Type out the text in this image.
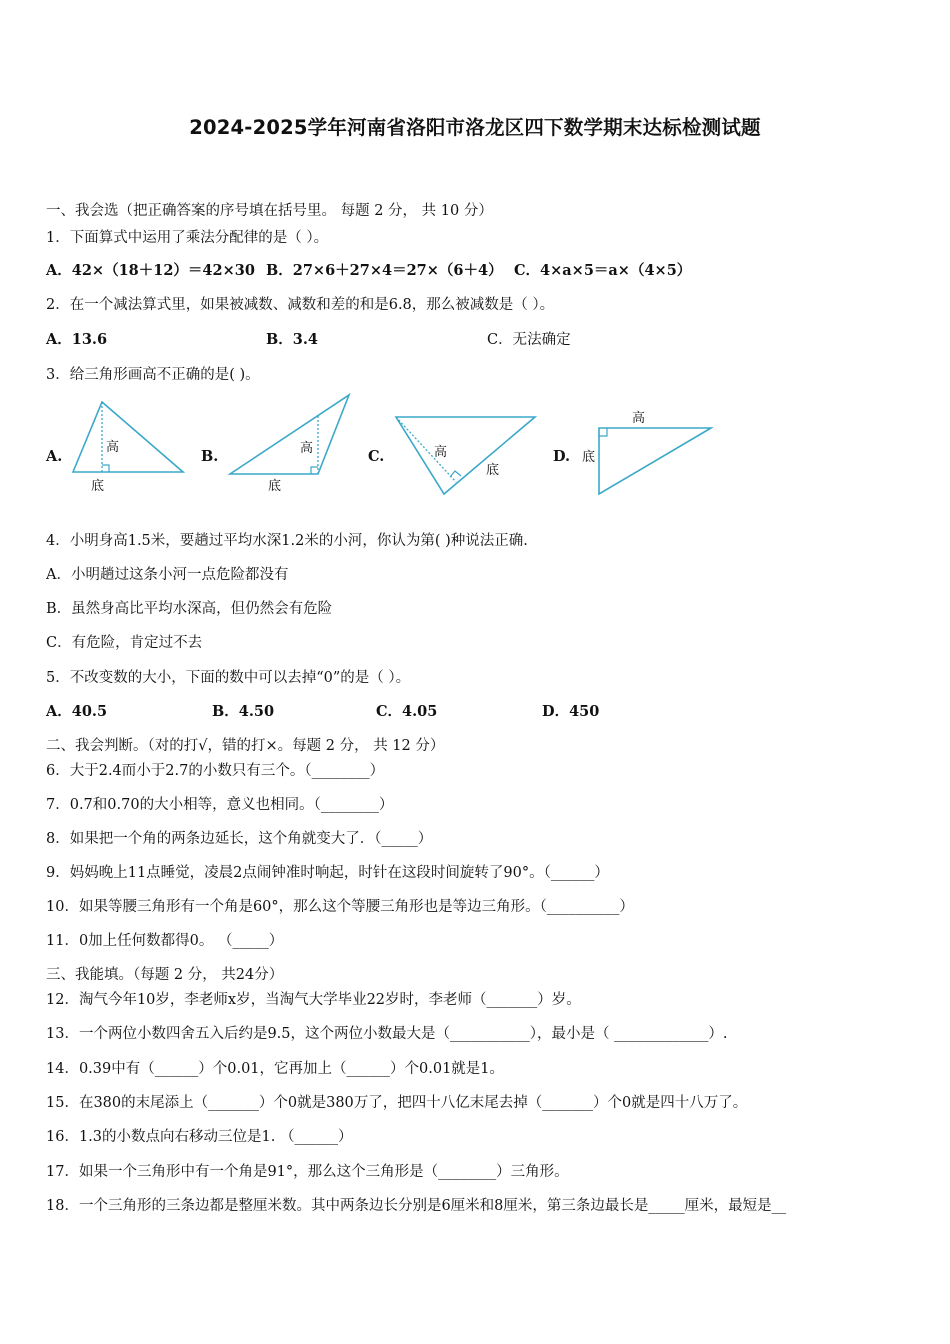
2024-2025学年河南省洛阳市洛龙区四下数学期末达标检测试题
一、我会选（把正确答案的序号填在括号里。 每题 2 分， 共 10 分）
1．下面算式中运用了乘法分配律的是（ ）。
A．42×（18＋12）＝42×30 B．27×6＋27×4＝27×（6＋4） C．4×a×5＝a×（4×5）
2．在一个减法算式里，如果被减数、减数和差的和是6.8，那么被减数是（ ）。
A．13.6	B．3.4	C．无法确定
3．给三角形画高不正确的是( )。
A.	B.	C.	D.
高
底
高
底
高
底
高
底
4．小明身高1.5米，要趟过平均水深1.2米的小河，你认为第( )种说法正确.
A．小明趟过这条小河一点危险都没有
B．虽然身高比平均水深高，但仍然会有危险
C．有危险，肯定过不去
5．不改变数的大小，下面的数中可以去掉“0”的是（ ）。
A．40.5	B．4.50	C．4.05	D．450
二、我会判断。（对的打√，错的打×。每题 2 分， 共 12 分）
6．大于2.4而小于2.7的小数只有三个。（________）
7．0.7和0.70的大小相等，意义也相同。（________）
8．如果把一个角的两条边延长，这个角就变大了．（_____）
9．妈妈晚上11点睡觉，凌晨2点闹钟准时响起，时针在这段时间旋转了90°。（______）
10．如果等腰三角形有一个角是60°，那么这个等腰三角形也是等边三角形。（__________）
11．0加上任何数都得0。 （_____）
三、我能填。（每题 2 分， 共24分）
12．淘气今年10岁，李老师x岁，当淘气大学毕业22岁时，李老师（_______）岁。
13．一个两位小数四舍五入后约是9.5，这个两位小数最大是（___________），最小是（ _____________）.
14．0.39中有（______）个0.01，它再加上（______）个0.01就是1。
15．在380的末尾添上（_______）个0就是380万了，把四十八亿末尾去掉（_______）个0就是四十八万了。
16．1.3的小数点向右移动三位是1. （______）
17．如果一个三角形中有一个角是91°，那么这个三角形是（________）三角形。
18．一个三角形的三条边都是整厘米数。其中两条边长分别是6厘米和8厘米，第三条边最长是_____厘米，最短是__
